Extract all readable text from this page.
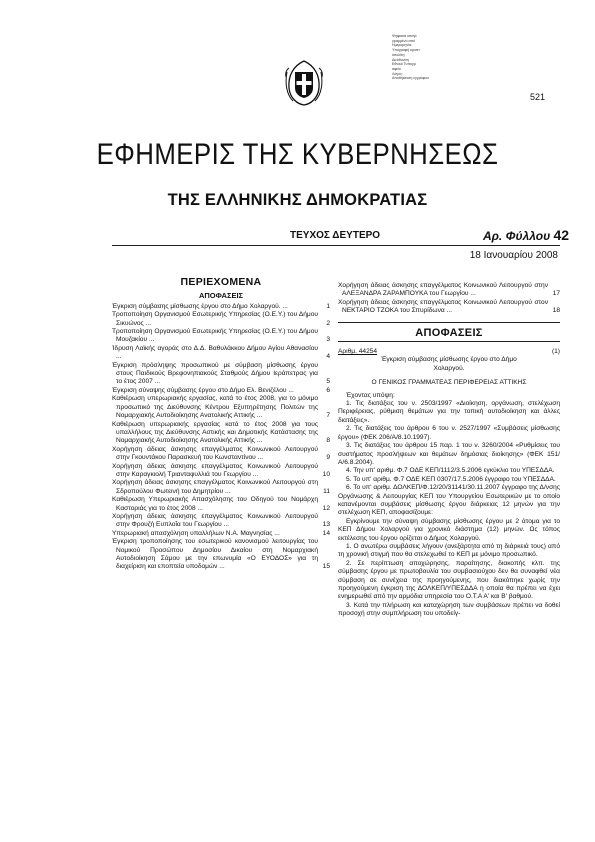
Ψηφιακά υπογε
γραμμένο από
Ημερομηνία:
Υπογραφή κρυπτ
οπολίτη:
Διεύθυνση
Εθνικό Τυπογρ
αφείο
Λόγος:
Αποθήκευση εγγράφου
521
ΕΦΗΜΕΡΙΣ ΤΗΣ ΚΥΒΕΡΝΗΣΕΩΣ
ΤΗΣ ΕΛΛΗΝΙΚΗΣ ΔΗΜΟΚΡΑΤΙΑΣ
ΤΕΥΧΟΣ ΔΕΥΤΕΡΟ	Αρ. Φύλλου 42
18 Ιανουαρίου 2008
ΠΕΡΙΕΧΟΜΕΝΑ
ΑΠΟΦΑΣΕΙΣ
Έγκριση σύμβασης μίσθωσης έργου στο Δήμο Χολαργού. ...	1
Τροποποίηση Οργανισμού Εσωτερικής Υπηρεσίας (Ο.Ε.Υ.) του Δήμου Σικυώνος ...	2
Τροποποίηση Οργανισμού Εσωτερικής Υπηρεσίας (Ο.Ε.Υ.) του Δήμου Μουζακίου ...	3
Ίδρυση Λαϊκής αγοράς στο Δ.Δ. Βαθυλάκκου Δήμου Αγίου Αθανασίου ...	4
Έγκριση πρόσληψης προσωπικού με σύμβαση μίσθωσης έργου στους Παιδικούς Βρεφονηπιακούς Σταθμούς Δήμου Ιεράπετρας για το έτος 2007 ...	5
Έγκριση σύναψης σύμβασης έργου στο Δήμο Ελ. Βενιζέλου ...	6
Καθιέρωση υπερωριακής εργασίας, κατά το έτος 2008, για το μόνιμο προσωπικό της Διεύθυνσης Κέντρου Εξυπηρέτησης Πολιτών της Νομαρχιακής Αυτοδιοίκησης Ανατολικής Αττικής ...	7
Καθιέρωση υπερωριακής εργασίας κατά το έτος 2008 για τους υπαλλήλους της Διεύθυνσης Αστικής και Δημοτικής Κατάστασης της Νομαρχιακής Αυτοδιοίκησης Ανατολικής Αττικής ...	8
Χορήγηση άδειας άσκησης επαγγέλματος Κοινωνικού Λειτουργού στην Γκουντάκου Παρασκευή του Κωνσταντίνου ...	9
Χορήγηση άδειας άσκησης επαγγέλματος Κοινωνικού Λειτουργού στην Καραγκιολή Τριανταφυλλιά του Γεωργίου ...	10
Χορήγηση άδειας άσκησης επαγγέλματος Κοινωνικού Λειτουργού στη Σδρoπούλου Φωτεινή του Δημητρίου ...	11
Καθιέρωση Υπερωριακής Απασχόλησης του Οδηγού του Νομάρχη Καστοριάς για το έτος 2008 ...	12
Χορήγηση άδειας άσκησης επαγγέλματος Κοινωνικού Λειτουργού στην Φρουζή Ευπλοΐα του Γεωργίου ...	13
Υπερωριακή απασχόληση υπαλλήλων Ν.Α. Μαγνησίας ...	14
Έγκριση τροποποίησης του εσωτερικού κανονισμού λειτουργίας του Νομικού Προσώπου Δημοσίου Δικαίου στη Νομαρχιακή Αυτοδιοίκηση Σάμου με την επωνυμία «Ο ΕΥΟΔΟΣ» για τη διαχείριση και εποπτεία υποδομών ...	15
Χορήγηση άδειας άσκησης επαγγέλματος Κοινωνικού Λειτουργού στην ΑΛΕΞΑΝΔΡΑ ΖΑΡΑΜΠΟΥΚΑ του Γεωργίου ...	17
Χορήγηση άδειας άσκησης επαγγέλματος Κοινωνικού Λειτουργού στον ΝΕΚΤΑΡΙΟ ΤΖΟΚΑ του Σπυρίδωνα ...	18
ΑΠΟΦΑΣΕΙΣ
Αριθμ. 44254	(1)
Έγκριση σύμβασης μίσθωσης έργου στο Δήμο Χολαργού.
Ο ΓΕΝΙΚΟΣ ΓΡΑΜΜΑΤΕΑΣ ΠΕΡΙΦΕΡΕΙΑΣ ΑΤΤΙΚΗΣ

Έχοντας υπόψη:

1. Τις διατάξεις του ν. 2503/1997 «Διοίκηση, οργάνωση, στελέχωση Περιφέρειας, ρύθμιση θεμάτων για την τοπική αυτοδιοίκηση και άλλες διατάξεις».

2. Τις διατάξεις του άρθρου 6 του ν. 2527/1997 «Συμβάσεις μίσθωσης έργου» (ΦΕΚ 206/Α/8.10.1997).

3. Τις διατάξεις του άρθρου 15 παρ. 1 του ν. 3260/2004 «Ρυθμίσεις του συστήματος προσλήψεων και θεμάτων δημόσιας διοίκησης» (ΦΕΚ 151/Α/6.8.2004).

4. Την υπ' αριθμ. Φ.7 ΟΔΕ ΚΕΠ/1112/3.5.2006 εγκύκλιο του ΥΠΕΣΔΔΑ.

5. Το υπ' αριθμ. Φ.7 ΟΔΕ ΚΕΠ 0307/17.5.2006 έγγραφο του ΥΠΕΣΔΔΑ.

6. Το υπ' αριθμ. ΔΟΛΚΕΠ/Φ.12/20/31141/30.11.2007 έγγραφο της Δ/νσης Οργάνωσης & Λειτουργίας ΚΕΠ του Υπουργείου Εσωτερικών με το οποίο κατανέμονται συμβάσεις μίσθωσης έργου διάρκειας 12 μηνών για την στελέχωση ΚΕΠ, αποφασίζουμε:

Εγκρίνουμε την σύναψη σύμβασης μίσθωσης έργου με 2 άτομα για το ΚΕΠ Δήμου Χολαργού για χρονικό διάστημα (12) μηνών. Ως τόπος εκτέλεσης του έργου ορίζεται ο Δήμος Χολαργού.

1. Ο ανωτέρω συμβάσεις λήγουν (ανεξάρτητα από τη διάρκειά τους) από τη χρονική στιγμή που θα στελεχωθεί το ΚΕΠ με μόνιμο προσωπικό.

2. Σε περίπτωση αποχώρησης, παραίτησης, διακοπής κλπ. της σύμβασης έργου με πρωτοβουλία του συμβασιούχου δεν θα συναφθεί νέα σύμβαση σε συνέχεια της προηγούμενης, που διακόπηκε χωρίς την προηγούμενη έγκριση της ΔΟΛΚΕΠ/ΥΠΕΣΔΔΑ η οποία θα πρέπει να έχει ενημερωθεί από την αρμόδια υπηρεσία του Ο.Τ.Α Α' και Β' βαθμού.

3. Κατά την πλήρωση και καταχώρηση των συμβάσεων πρέπει να δοθεί προσοχή στην συμπλήρωση του υποδείγ-
